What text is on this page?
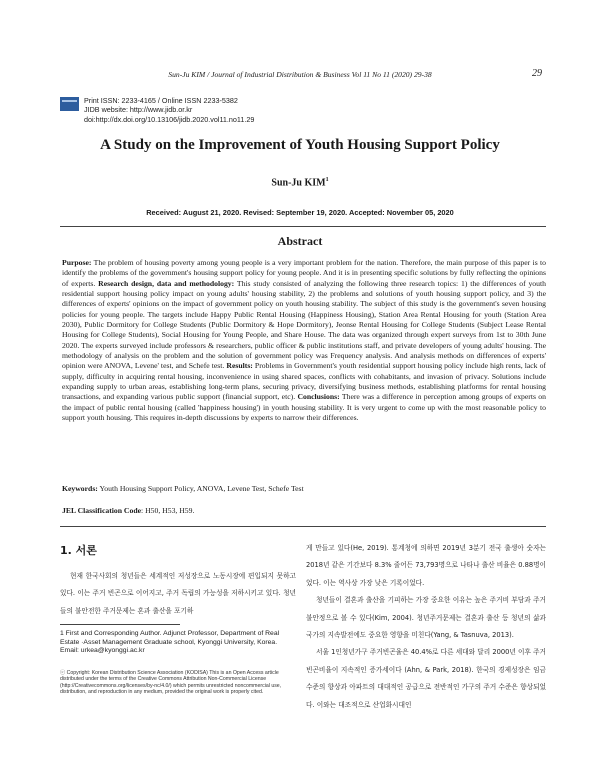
Sun-Ju KIM / Journal of Industrial Distribution & Business Vol 11 No 11 (2020) 29-38	29
Print ISSN: 2233-4165 / Online ISSN 2233-5382
JIDB website: http://www.jidb.or.kr
doi:http://dx.doi.org/10.13106/jidb.2020.vol11.no11.29
A Study on the Improvement of Youth Housing Support Policy
Sun-Ju KIM$^1$
Received: August 21, 2020. Revised: September 19, 2020. Accepted: November 05, 2020
Abstract
Purpose: The problem of housing poverty among young people is a very important problem for the nation. Therefore, the main purpose of this paper is to identify the problems of the government's housing support policy for young people. And it is in presenting specific solutions by fully reflecting the opinions of experts. Research design, data and methodology: This study consisted of analyzing the following three research topics: 1) the differences of youth residential support housing policy impact on young adults' housing stability, 2) the problems and solutions of youth housing support policy, and 3) the differences of experts' opinions on the impact of government policy on youth housing stability. The subject of this study is the government's seven housing policies for young people. The targets include Happy Public Rental Housing (Happiness Housing), Station Area Rental Housing for youth (Station Area 2030), Public Dormitory for College Students (Public Dormitory & Hope Dormitory), Jeonse Rental Housing for College Students (Subject Lease Rental Housing for College Students), Social Housing for Young People, and Share House. The data was organized through expert surveys from 1st to 30th June 2020. The experts surveyed include professors & researchers, public officer & public institutions staff, and private developers of young adults' housing. The methodology of analysis on the problem and the solution of government policy was Frequency analysis. And analysis methods on differences of experts' opinion were ANOVA, Levene' test, and Schefe test. Results: Problems in Government's youth residential support housing policy include high rents, lack of supply, difficulty in acquiring rental housing, inconvenience in using shared spaces, conflicts with cohabitants, and invasion of privacy. Solutions include expanding supply to urban areas, establishing long-term plans, securing privacy, diversifying business methods, establishing platforms for rental housing transactions, and expanding various public support (financial support, etc). Conclusions: There was a difference in perception among groups of experts on the impact of public rental housing (called 'happiness housing') in youth housing stability. It is very urgent to come up with the most reasonable policy to support youth housing. This requires in-depth discussions by experts to narrow their differences.
Keywords: Youth Housing Support Policy, ANOVA, Levene Test, Schefe Test
JEL Classification Code: H50, H53, H59.
1. 서론

현재 한국사회의 청년들은 세계적인 저성장으로 노동시장에 편입되지 못하고 있다. 이는 주거 빈곤으로 이어지고, 주거 독립의 가능성을 저하시키고 있다. 청년들의 불안전한 주거문제는 혼과 출산을 포기하

게 만들고 있다(He, 2019). 통계청에 의하면 2019년 3분기 전국 출생아 숫자는 2018년 같은 기간보다 8.3% 줄어든 73,793명으로 나타나 출산 비율은 0.88명이었다. 이는 역사상 가장 낮은 기록이었다.

청년들이 결혼과 출산을 기피하는 가장 중요한 이유는 높은 주거비 부담과 주거불안정으로 볼 수 있다(Kim, 2004). 청년주거문제는 결혼과 출산 등 청년의 삶과 국가의 지속발전에도 중요한 영향을 미친다(Yang, & Tasnuva, 2013).

서울 1인청년가구 주거빈곤율은 40.4%로 다른 세대와 달리 2000년 이후 주거 빈곤비율이 지속적인 증가세이다 (Ahn, & Park, 2018). 한국의 경제성장은 임금수준의 향상과 아파트의 대대적인 공급으로 전반적인 가구의 주거 수준은 향상되었다. 이와는 대조적으로 산업화시대인

1 First and Corresponding Author. Adjunct Professor, Department of Real Estate ·Asset Management Graduate school, Kyonggi University, Korea. Email: urkea@kyonggi.ac.kr
ⓒ Copyright: Korean Distribution Science Association (KODISA) This is an Open Access article distributed under the terms of the Creative Commons Attribution Non-Commercial License (http://Creativecommons.org/licenses/by-nc/4.0/) which permits unrestricted noncommercial use, distribution, and reproduction in any medium, provided the original work is properly cited.
